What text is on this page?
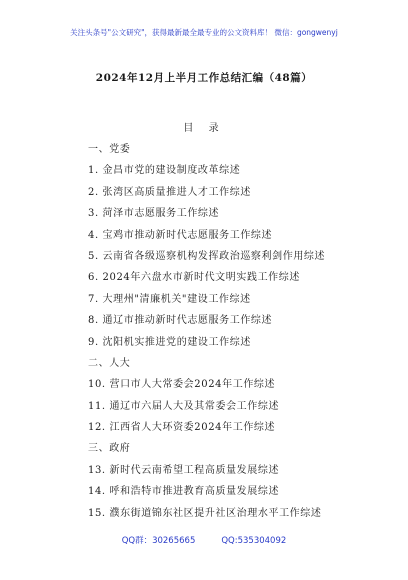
关注头条号"公文研究"，获得最新最全最专业的公文资料库！ 微信：gongwenyj
2024年12月上半月工作总结汇编（48篇）
目 录
一、党委
1. 金昌市党的建设制度改革综述
2. 张湾区高质量推进人才工作综述
3. 菏泽市志愿服务工作综述
4. 宝鸡市推动新时代志愿服务工作综述
5. 云南省各级巡察机构发挥政治巡察利剑作用综述
6. 2024年六盘水市新时代文明实践工作综述
7. 大理州"清廉机关"建设工作综述
8. 通辽市推动新时代志愿服务工作综述
9. 沈阳机实推进党的建设工作综述
二、人大
10. 营口市人大常委会2024年工作综述
11. 通辽市六届人大及其常委会工作综述
12. 江西省人大环资委2024年工作综述
三、政府
13. 新时代云南希望工程高质量发展综述
14. 呼和浩特市推进教育高质量发展综述
15. 濮东街道锦东社区提升社区治理水平工作综述
QQ群：30265665	QQ:535304092
